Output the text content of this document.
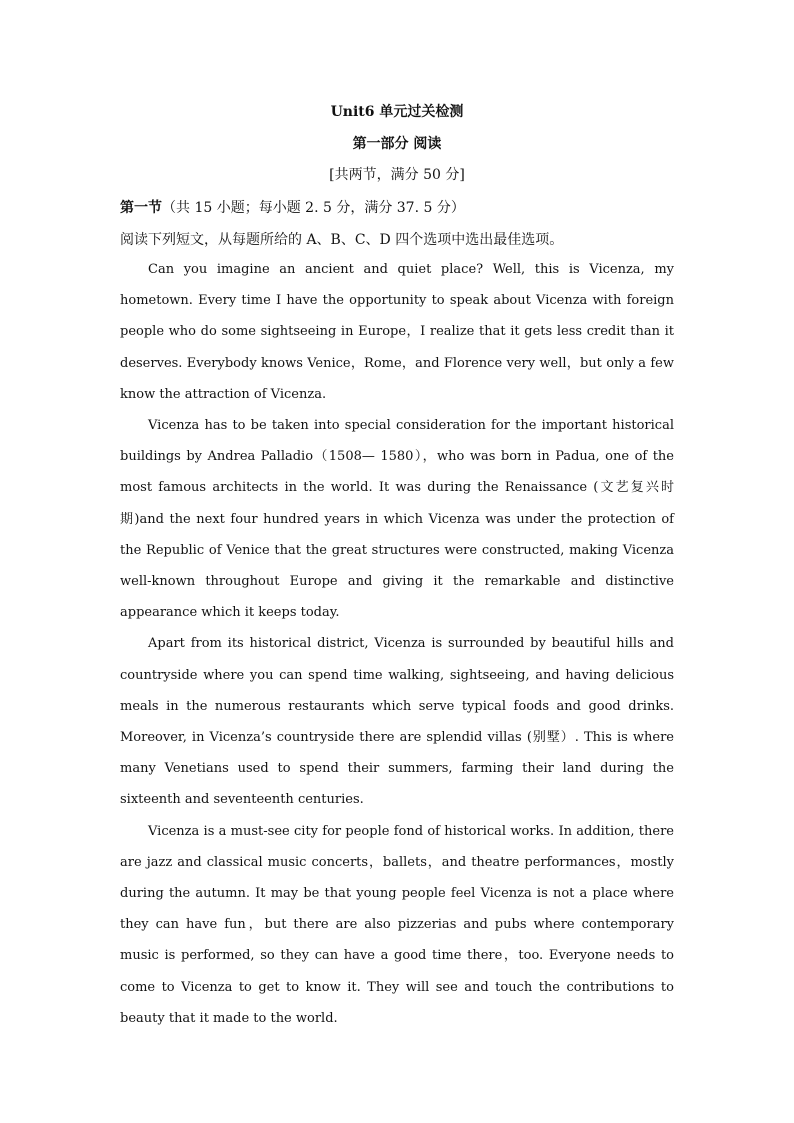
Unit6 单元过关检测
第一部分 阅读
[共两节，满分 50 分]
第一节（共 15 小题；每小题 2. 5 分，满分 37. 5 分）
阅读下列短文，从每题所给的 A、B、C、D 四个选项中选出最佳选项。

Can you imagine an ancient and quiet place? Well, this is Vicenza, my hometown. Every time I have the opportunity to speak about Vicenza with foreign people who do some sightseeing in Europe，I realize that it gets less credit than it deserves. Everybody knows Venice，Rome，and Florence very well，but only a few know the attraction of Vicenza.

Vicenza has to be taken into special consideration for the important historical buildings by Andrea Palladio（1508— 1580），who was born in Padua, one of the most famous architects in the world. It was during the Renaissance (文艺复兴时期)and the next four hundred years in which Vicenza was under the protection of the Republic of Venice that the great structures were constructed, making Vicenza well-known throughout Europe and giving it the remarkable and distinctive appearance which it keeps today.

Apart from its historical district, Vicenza is surrounded by beautiful hills and countryside where you can spend time walking, sightseeing, and having delicious meals in the numerous restaurants which serve typical foods and good drinks. Moreover, in Vicenza’s countryside there are splendid villas (别墅）. This is where many Venetians used to spend their summers, farming their land during the sixteenth and seventeenth centuries.

Vicenza is a must-see city for people fond of historical works. In addition, there are jazz and classical music concerts，ballets，and theatre performances，mostly during the autumn. It may be that young people feel Vicenza is not a place where they can have fun，but there are also pizzerias and pubs where contemporary music is performed, so they can have a good time there，too. Everyone needs to come to Vicenza to get to know it. They will see and touch the contributions to beauty that it made to the world.
